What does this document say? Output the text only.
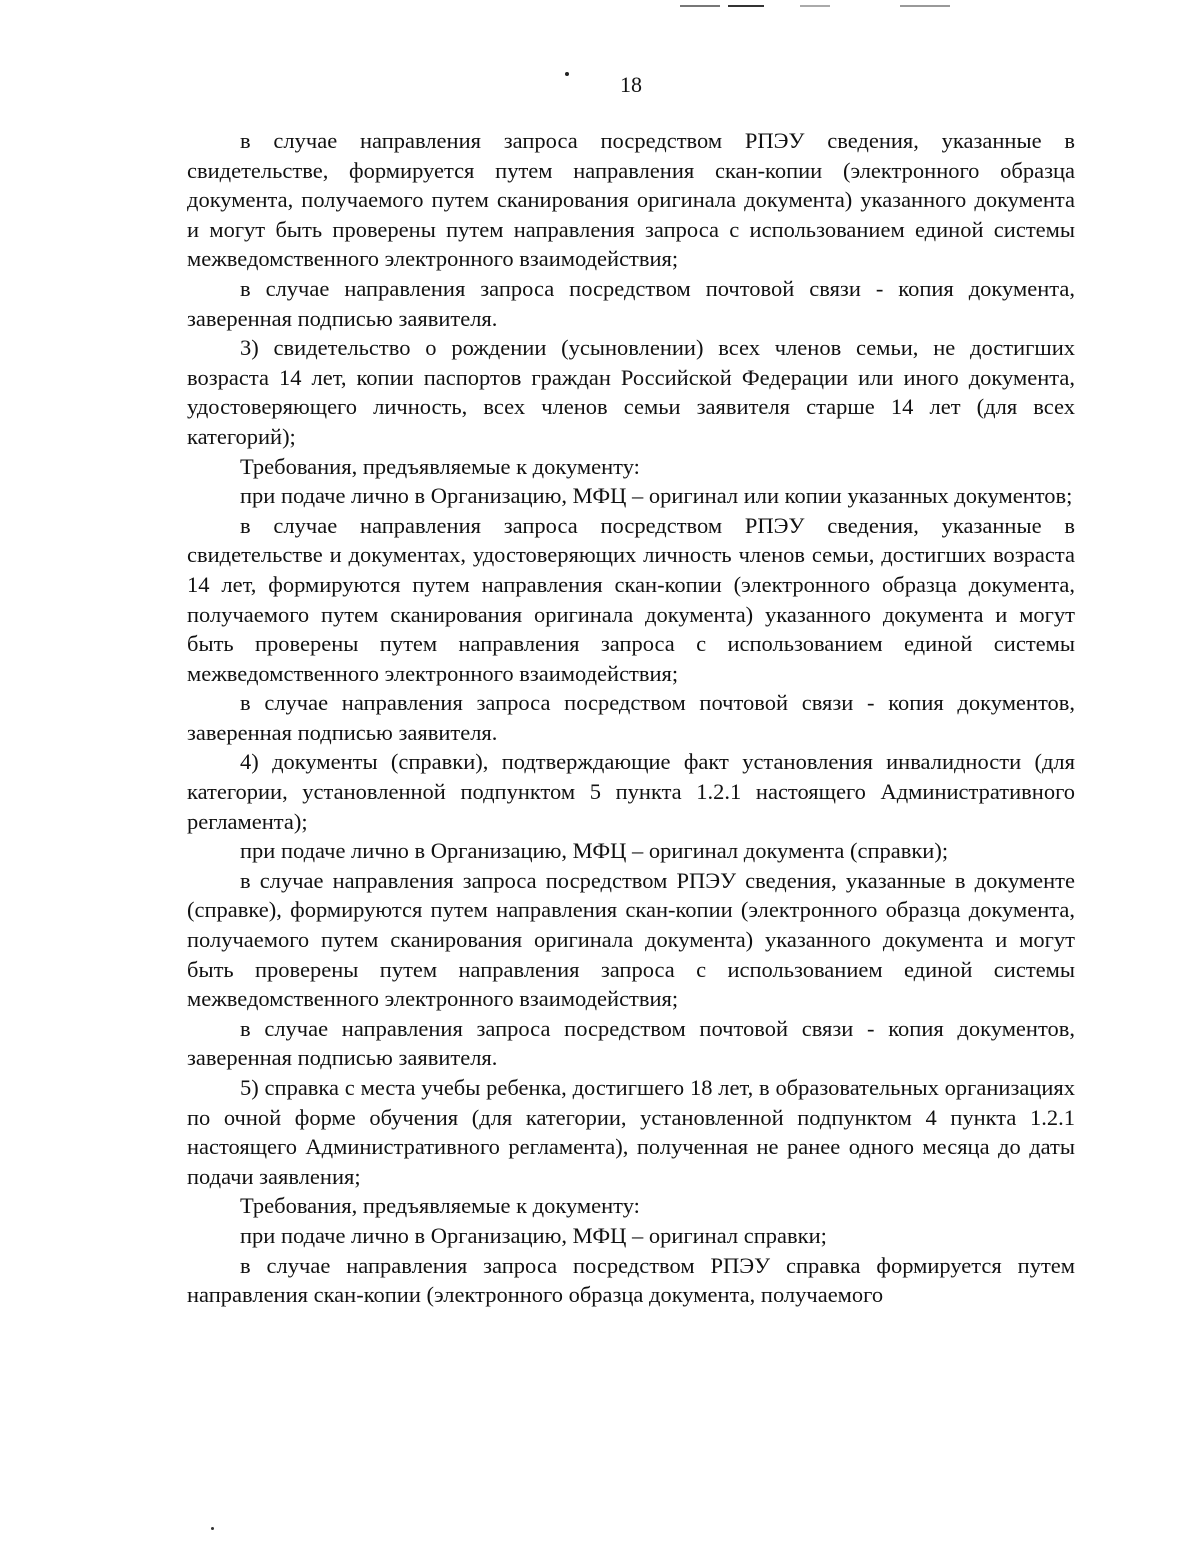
18

в случае направления запроса посредством РПЭУ сведения, указанные в свидетельстве, формируется путем направления скан-копии (электронного образца документа, получаемого путем сканирования оригинала документа) указанного документа и могут быть проверены путем направления запроса с использованием единой системы межведомственного электронного взаимодействия;

в случае направления запроса посредством почтовой связи - копия документа, заверенная подписью заявителя.

3) свидетельство о рождении (усыновлении) всех членов семьи, не достигших возраста 14 лет, копии паспортов граждан Российской Федерации или иного документа, удостоверяющего личность, всех членов семьи заявителя старше 14 лет (для всех категорий);

Требования, предъявляемые к документу:

при подаче лично в Организацию, МФЦ – оригинал или копии указанных документов;

в случае направления запроса посредством РПЭУ сведения, указанные в свидетельстве и документах, удостоверяющих личность членов семьи, достигших возраста 14 лет, формируются путем направления скан-копии (электронного образца документа, получаемого путем сканирования оригинала документа) указанного документа и могут быть проверены путем направления запроса с использованием единой системы межведомственного электронного взаимодействия;

в случае направления запроса посредством почтовой связи - копия документов, заверенная подписью заявителя.

4) документы (справки), подтверждающие факт установления инвалидности (для категории, установленной подпунктом 5 пункта 1.2.1 настоящего Административного регламента);

при подаче лично в Организацию, МФЦ – оригинал документа (справки);

в случае направления запроса посредством РПЭУ сведения, указанные в документе (справке), формируются путем направления скан-копии (электронного образца документа, получаемого путем сканирования оригинала документа) указанного документа и могут быть проверены путем направления запроса с использованием единой системы межведомственного электронного взаимодействия;

в случае направления запроса посредством почтовой связи - копия документов, заверенная подписью заявителя.

5) справка с места учебы ребенка, достигшего 18 лет, в образовательных организациях по очной форме обучения (для категории, установленной подпунктом 4 пункта 1.2.1 настоящего Административного регламента), полученная не ранее одного месяца до даты подачи заявления;

Требования, предъявляемые к документу:

при подаче лично в Организацию, МФЦ – оригинал справки;

в случае направления запроса посредством РПЭУ справка формируется путем направления скан-копии (электронного образца документа, получаемого
